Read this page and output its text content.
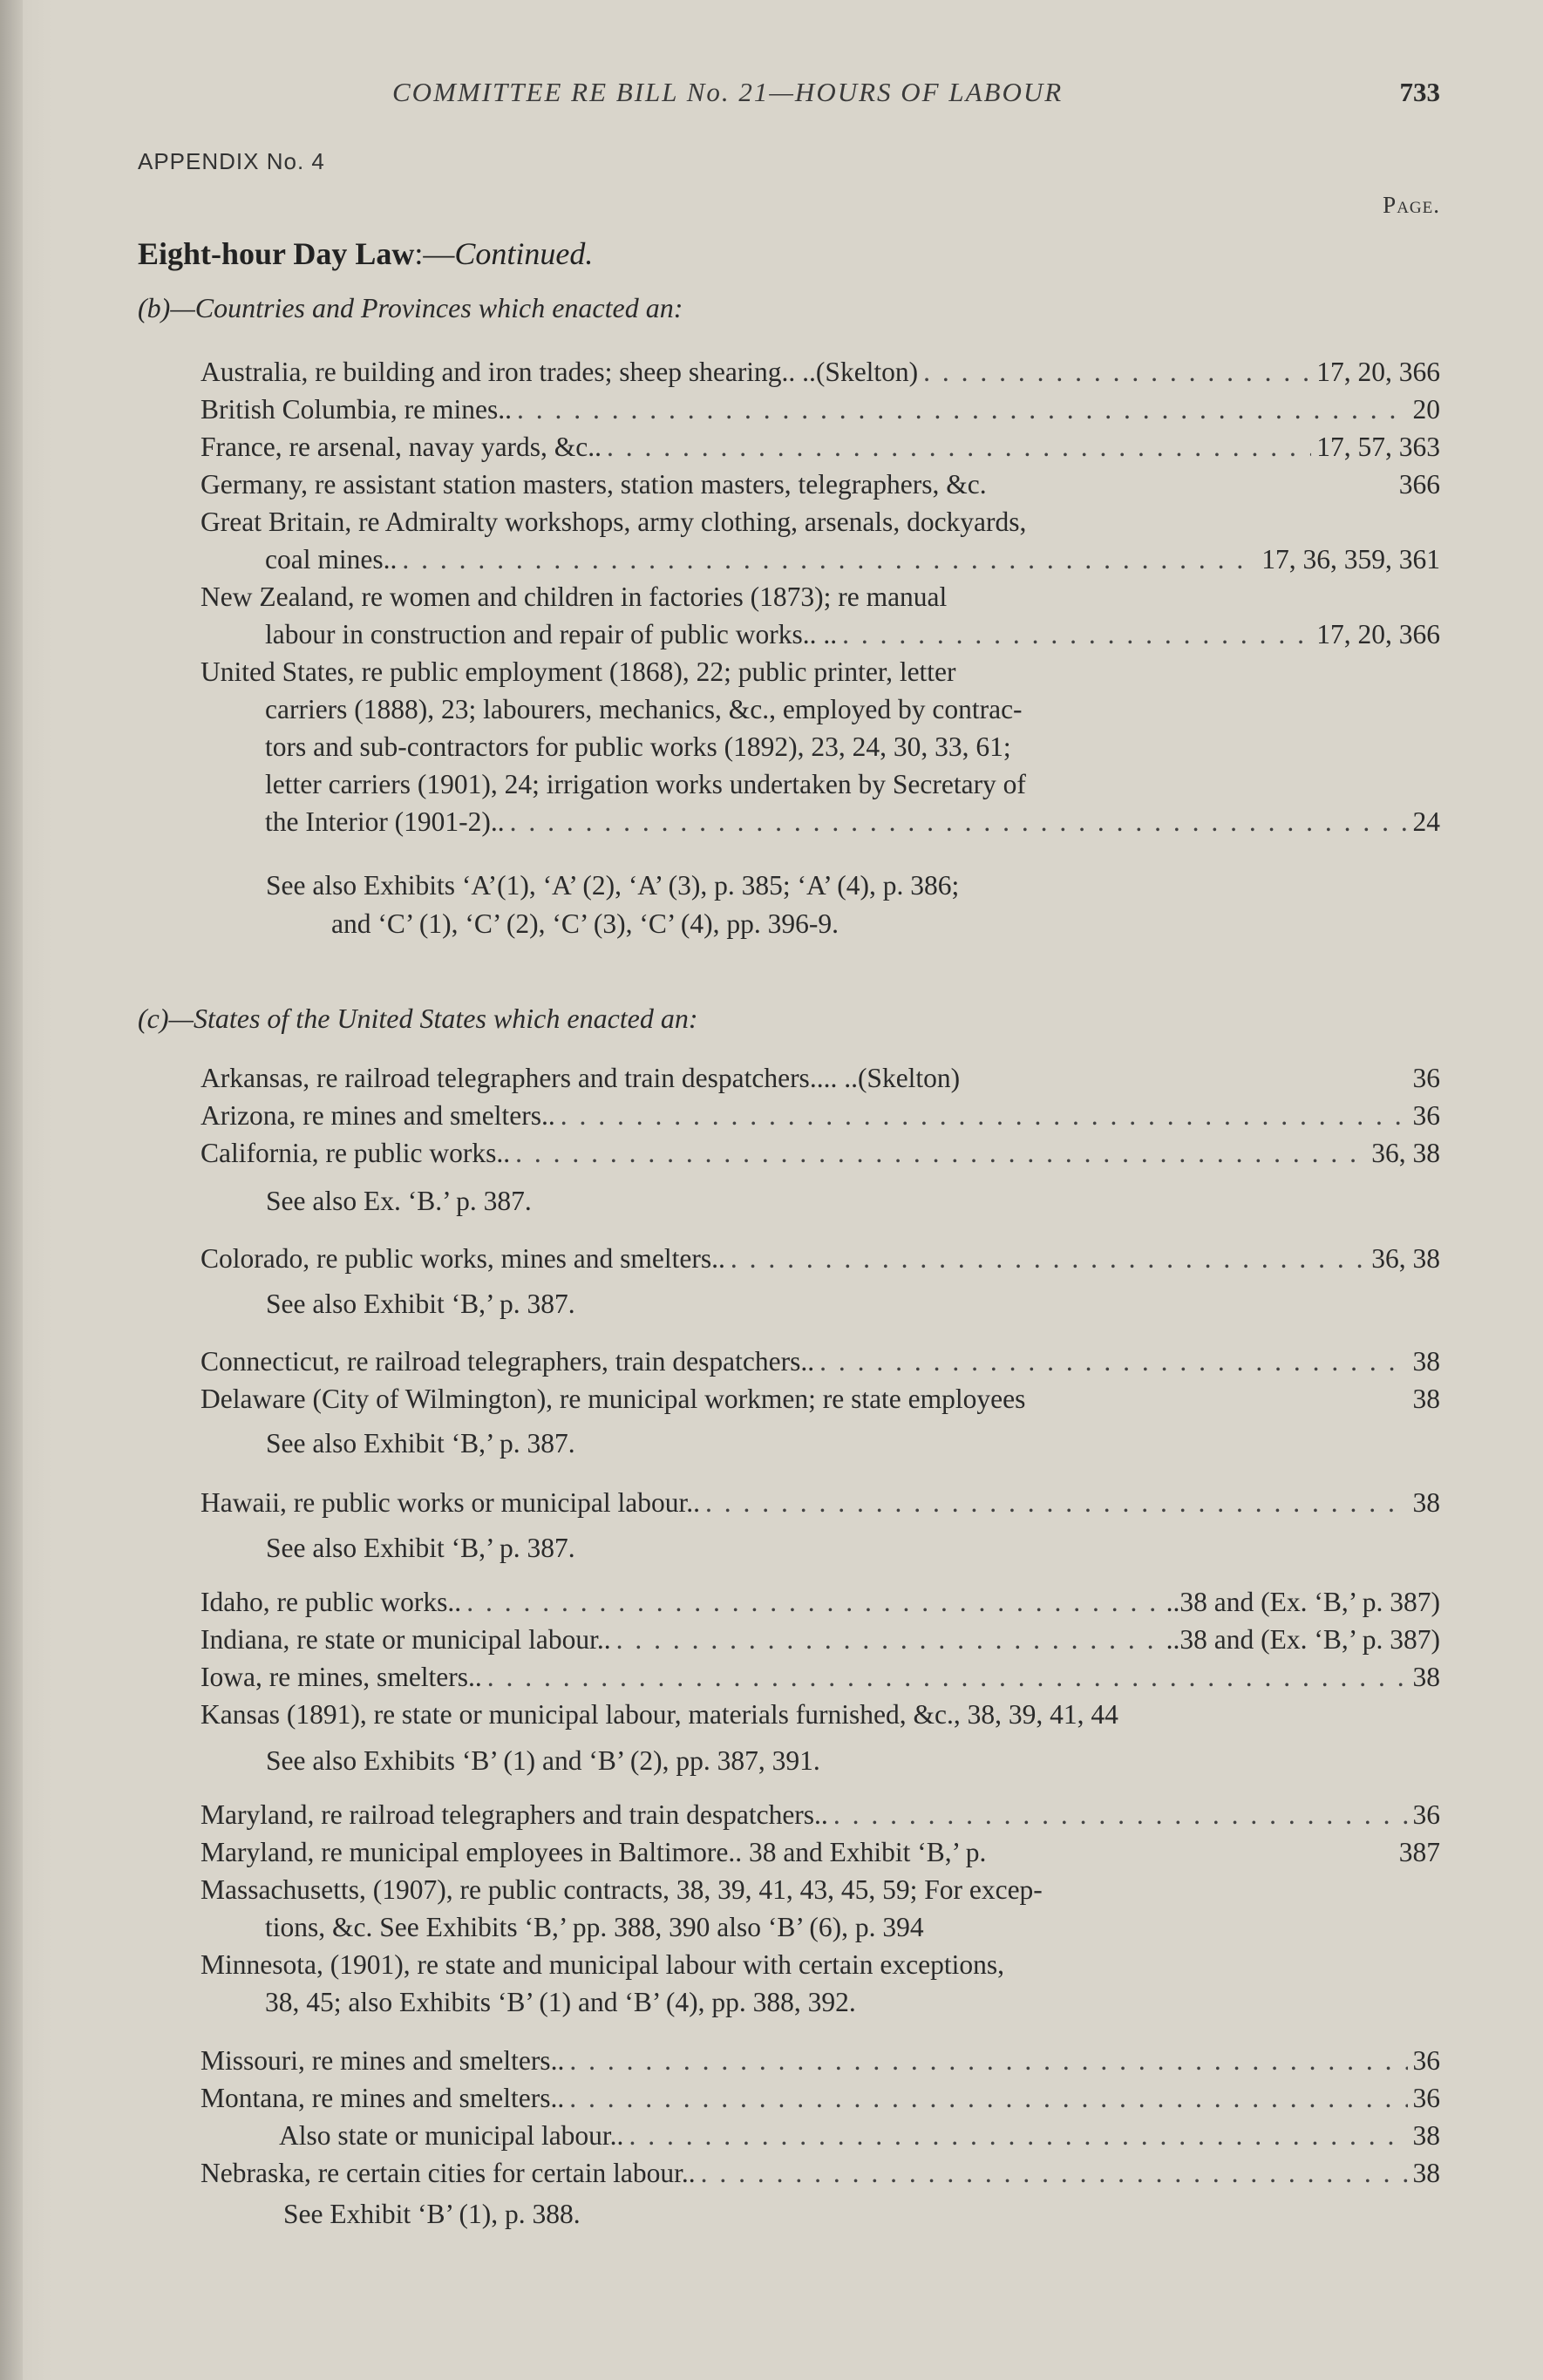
COMMITTEE RE BILL No. 21—HOURS OF LABOUR	733
APPENDIX No. 4
Page.
Eight-hour Day Law:—Continued.
(b)—Countries and Provinces which enacted an:
Australia, re building and iron trades; sheep shearing.. ..(Skelton) . . .	17, 20, 366
British Columbia, re mines.. . . .	20
France, re arsenal, navay yards, &c.. . . .	17, 57, 363
Germany, re assistant station masters, station masters, telegraphers, &c.	366
Great Britain, re Admiralty workshops, army clothing, arsenals, dockyards,
coal mines.. . . .	17, 36, 359, 361
New Zealand, re women and children in factories (1873); re manual
labour in construction and repair of public works.. .. . . .	17, 20, 366
United States, re public employment (1868), 22; public printer, letter
carriers (1888), 23; labourers, mechanics, &c., employed by contrac-
tors and sub-contractors for public works (1892), 23, 24, 30, 33, 61;
letter carriers (1901), 24; irrigation works undertaken by Secretary of
the Interior (1901-2).. . . .	24
See also Exhibits ‘A’(1), ‘A’ (2), ‘A’ (3), p. 385; ‘A’ (4), p. 386;
and ‘C’ (1), ‘C’ (2), ‘C’ (3), ‘C’ (4), pp. 396-9.
(c)—States of the United States which enacted an:
Arkansas, re railroad telegraphers and train despatchers.... ..(Skelton)	36
Arizona, re mines and smelters.. . . .	36
California, re public works.. . . .	36, 38
See also Ex. ‘B.’ p. 387.
Colorado, re public works, mines and smelters.. . . .	36, 38
See also Exhibit ‘B,’ p. 387.
Connecticut, re railroad telegraphers, train despatchers.. . . .	38
Delaware (City of Wilmington), re municipal workmen; re state employees	38
See also Exhibit ‘B,’ p. 387.
Hawaii, re public works or municipal labour.. . . .	38
See also Exhibit ‘B,’ p. 387.
Idaho, re public works.. . . .	..38 and (Ex. ‘B,’ p. 387)
Indiana, re state or municipal labour.. . . .	..38 and (Ex. ‘B,’ p. 387)
Iowa, re mines, smelters.. . . .	38
Kansas (1891), re state or municipal labour, materials furnished, &c., 38, 39, 41, 44
See also Exhibits ‘B’ (1) and ‘B’ (2), pp. 387, 391.
Maryland, re railroad telegraphers and train despatchers.. . . .	36
Maryland, re municipal employees in Baltimore.. 38 and Exhibit ‘B,’ p.	387
Massachusetts, (1907), re public contracts, 38, 39, 41, 43, 45, 59; For excep-
tions, &c. See Exhibits ‘B,’ pp. 388, 390 also ‘B’ (6), p. 394
Minnesota, (1901), re state and municipal labour with certain exceptions,
38, 45; also Exhibits ‘B’ (1) and ‘B’ (4), pp. 388, 392.
Missouri, re mines and smelters.. . . .	36
Montana, re mines and smelters.. . . .	36
Also state or municipal labour.. . . .	38
Nebraska, re certain cities for certain labour.. . . .	38
See Exhibit ‘B’ (1), p. 388.
